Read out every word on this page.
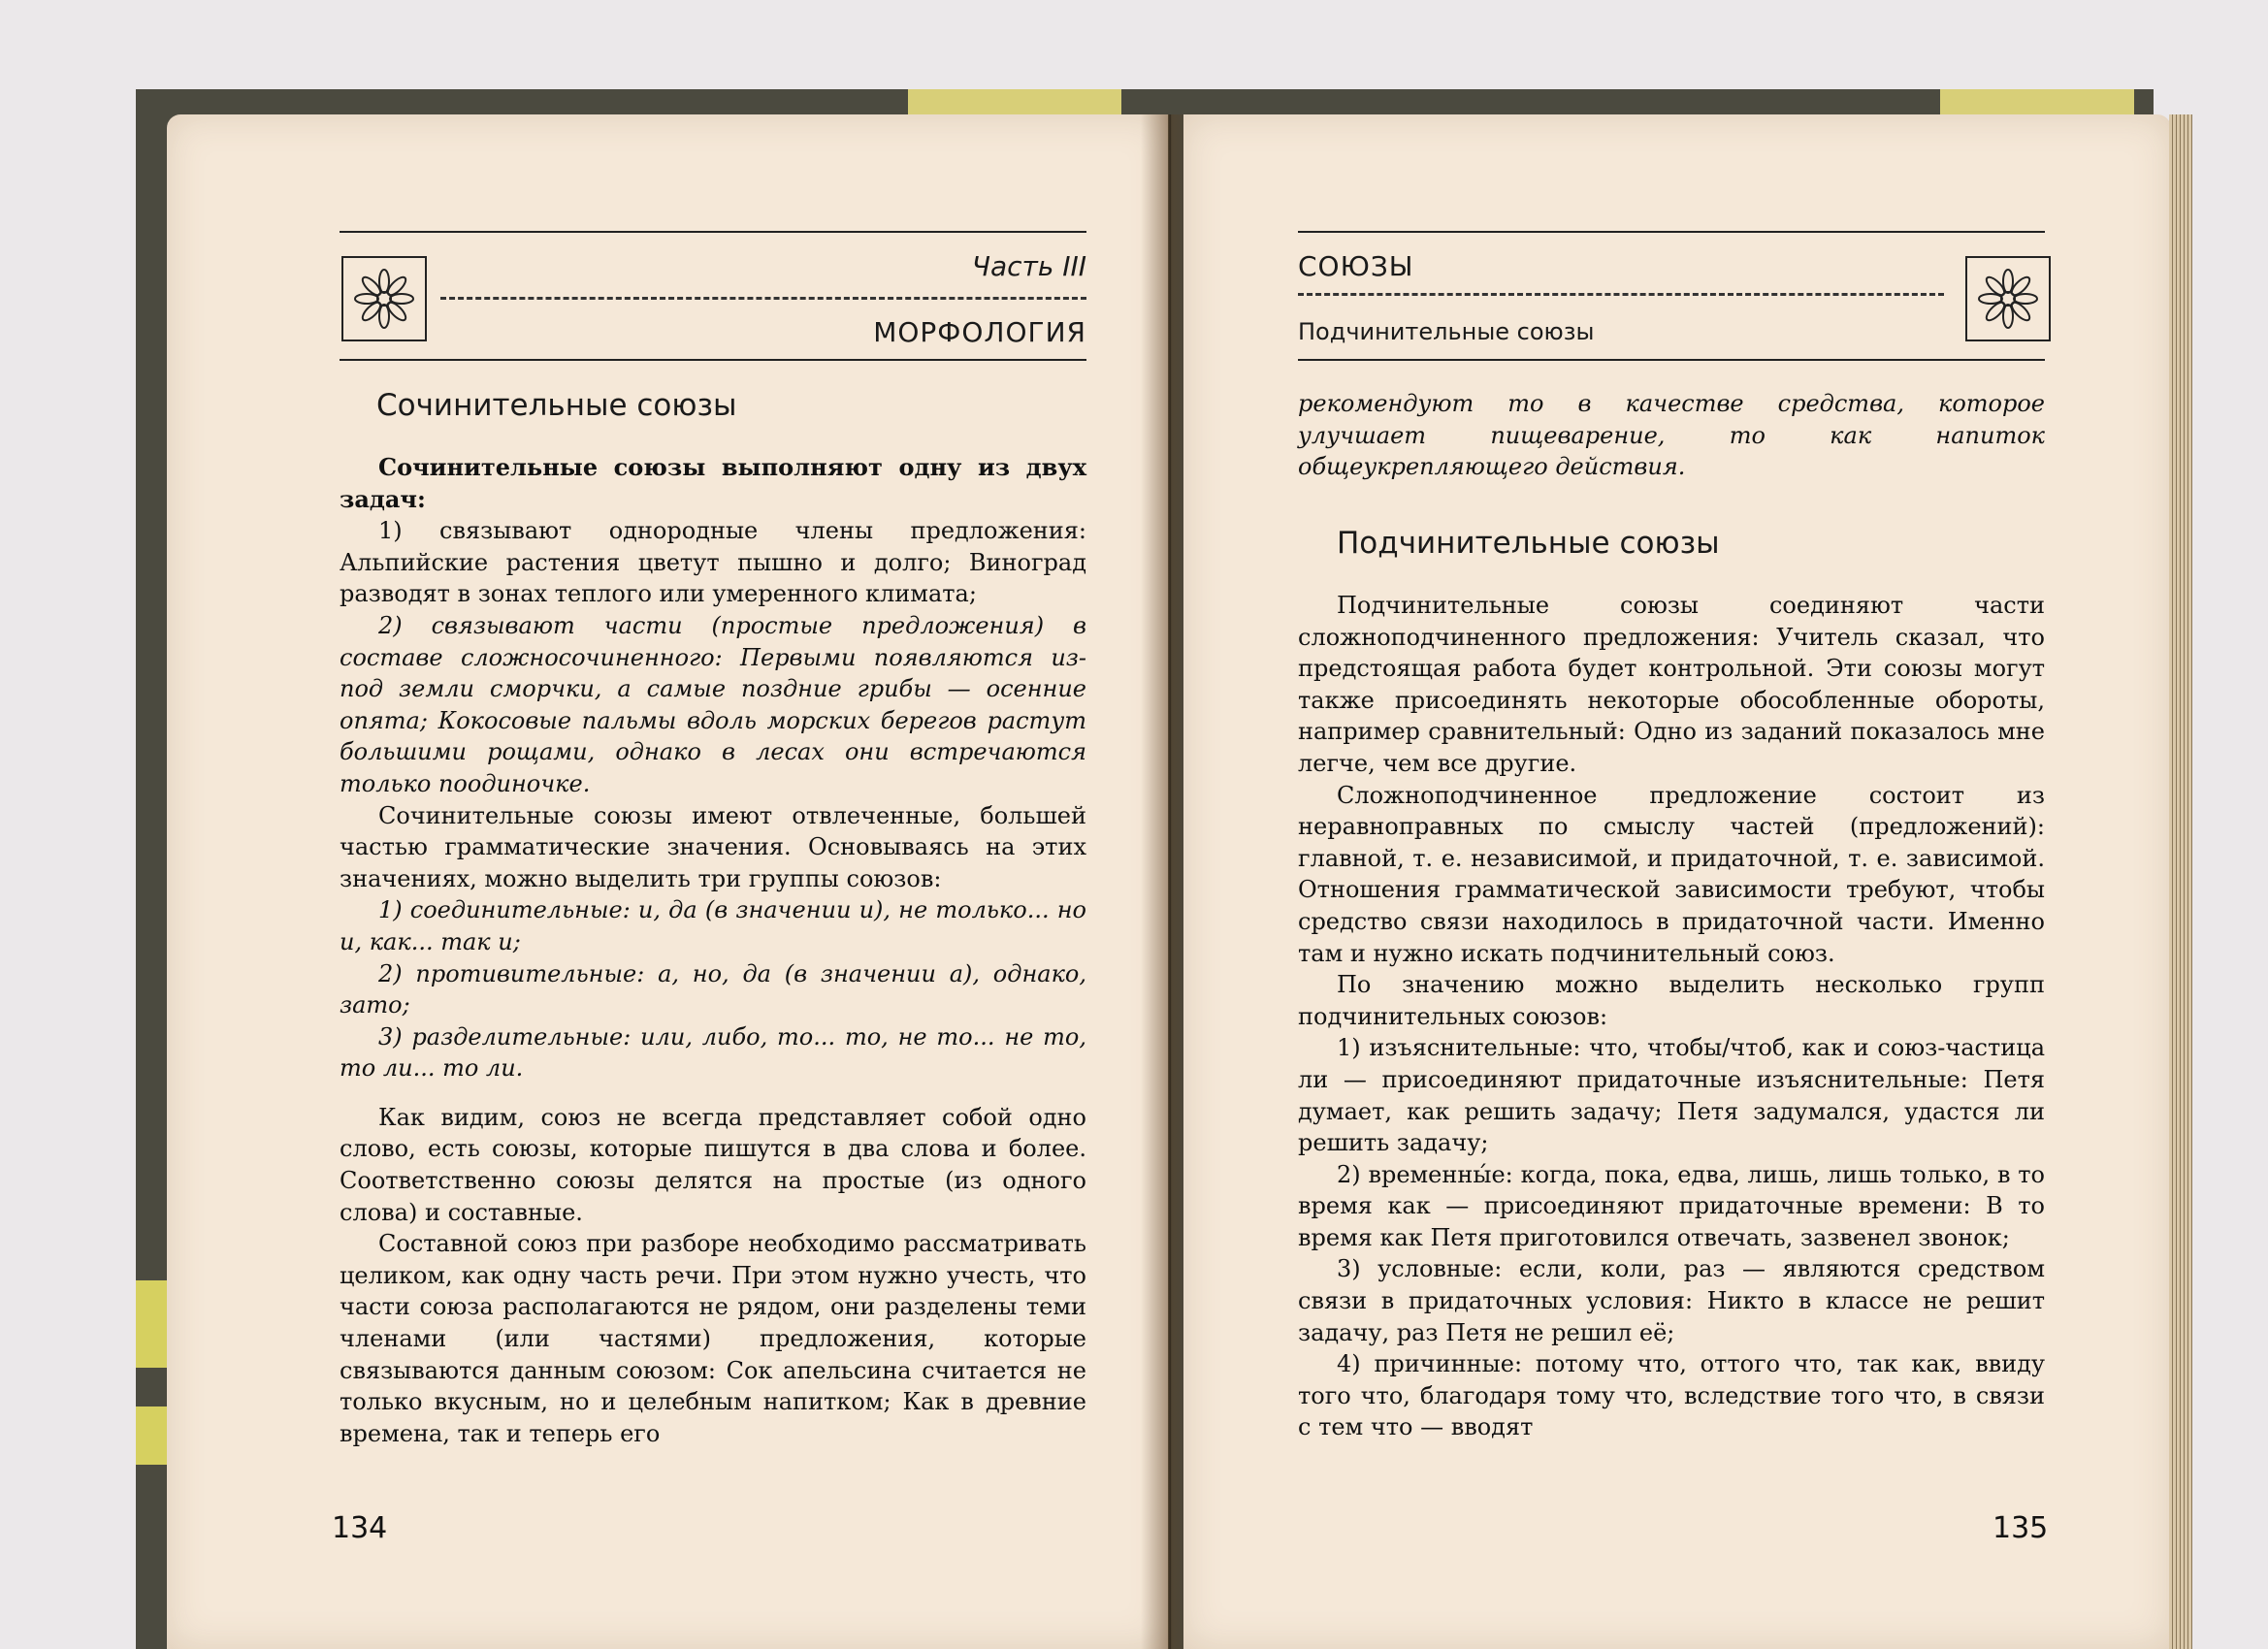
Часть III
МОРФОЛОГИЯ
Сочинительные союзы

Сочинительные союзы выполняют одну из двух задач:

1) связывают однородные члены предложения: Альпийские растения цветут пышно и долго; Виноград разводят в зонах теплого или умеренного климата;

2) связывают части (простые предложения) в составе сложносочиненного: Первыми появляются из-под земли сморчки, а самые поздние грибы — осенние опята; Кокосовые пальмы вдоль морских берегов растут большими рощами, однако в лесах они встречаются только поодиночке.

Сочинительные союзы имеют отвлеченные, большей частью грамматические значения. Основываясь на этих значениях, можно выделить три группы союзов:

1) соединительные: и, да (в значении и), не только... но и, как... так и;

2) противительные: а, но, да (в значении а), однако, зато;

3) разделительные: или, либо, то... то, не то... не то, то ли... то ли.

Как видим, союз не всегда представляет собой одно слово, есть союзы, которые пишутся в два слова и более. Соответственно союзы делятся на простые (из одного слова) и составные.

Составной союз при разборе необходимо рассматривать целиком, как одну часть речи. При этом нужно учесть, что части союза располагаются не рядом, они разделены теми членами (или частями) предложения, которые связываются данным союзом: Сок апельсина считается не только вкусным, но и целебным напитком; Как в древние времена, так и теперь его

134
СОЮЗЫ
Подчинительные союзы

рекомендуют то в качестве средства, которое улучшает пищеварение, то как напиток общеукрепляющего действия.

Подчинительные союзы

Подчинительные союзы соединяют части сложноподчиненного предложения: Учитель сказал, что предстоящая работа будет контрольной. Эти союзы могут также присоединять некоторые обособленные обороты, например сравнительный: Одно из заданий показалось мне легче, чем все другие.

Сложноподчиненное предложение состоит из неравноправных по смыслу частей (предложений): главной, т. е. независимой, и придаточной, т. е. зависимой. Отношения грамматической зависимости требуют, чтобы средство связи находилось в придаточной части. Именно там и нужно искать подчинительный союз.

По значению можно выделить несколько групп подчинительных союзов:

1) изъяснительные: что, чтобы/чтоб, как и союз-частица ли — присоединяют придаточные изъяснительные: Петя думает, как решить задачу; Петя задумался, удастся ли решить задачу;

2) временны́е: когда, пока, едва, лишь, лишь только, в то время как — присоединяют придаточные времени: В то время как Петя приготовился отвечать, зазвенел звонок;

3) условные: если, коли, раз — являются средством связи в придаточных условия: Никто в классе не решит задачу, раз Петя не решил её;

4) причинные: потому что, оттого что, так как, ввиду того что, благодаря тому что, вследствие того что, в связи с тем что — вводят

135
